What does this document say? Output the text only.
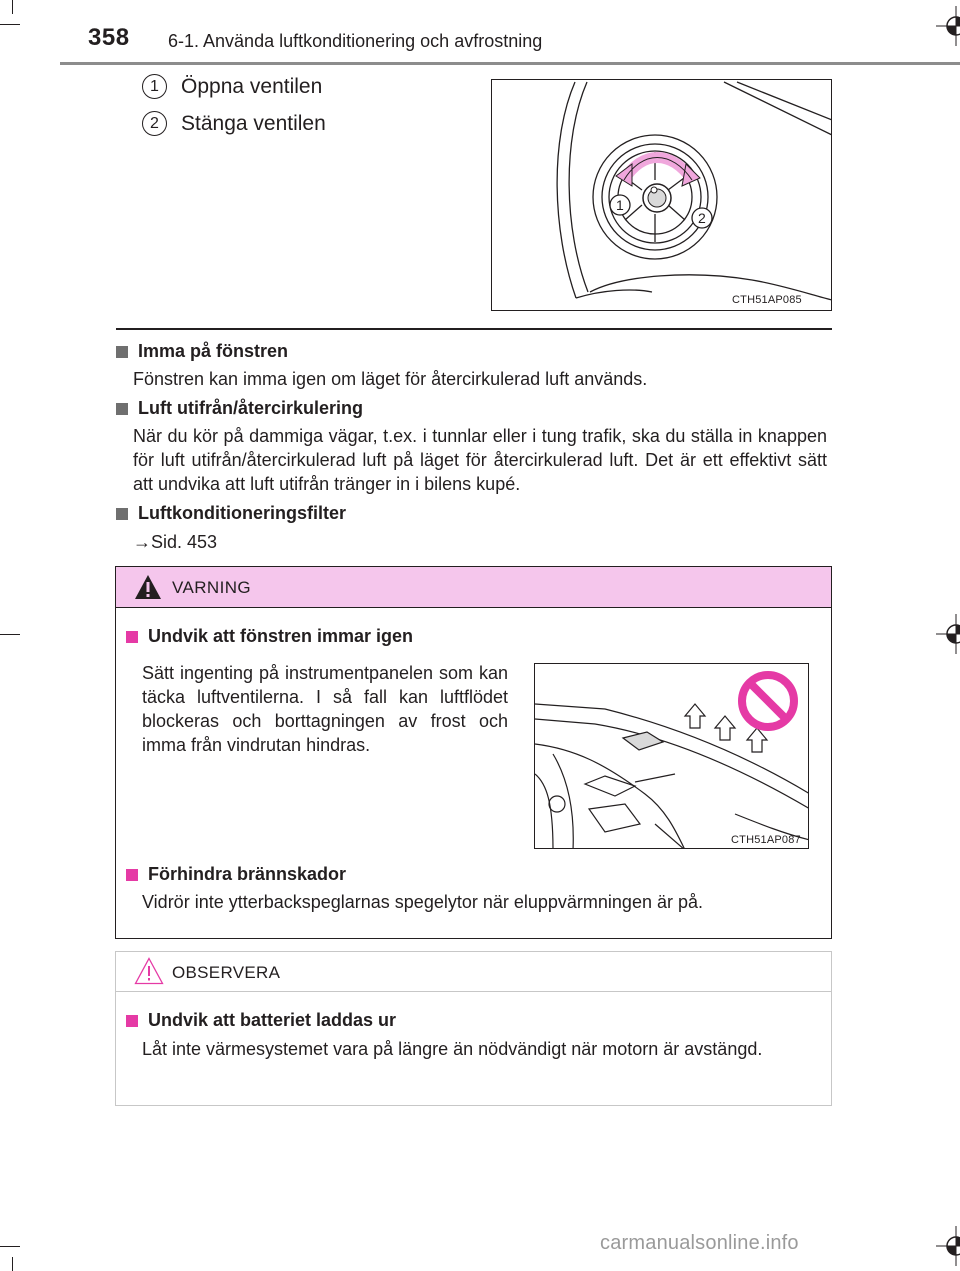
358 6-1. Använda luftkonditionering och avfrostning
1	Öppna ventilen
2	Stänga ventilen
1
2
CTH51AP085
Imma på fönstren
Fönstren kan imma igen om läget för återcirkulerad luft används.
Luft utifrån/återcirkulering
När du kör på dammiga vägar, t.ex. i tunnlar eller i tung trafik, ska du ställa in knappen för luft utifrån/återcirkulerad luft på läget för återcirkulerad luft. Det är ett effektivt sätt att undvika att luft utifrån tränger in i bilens kupé.
Luftkonditioneringsfilter
→Sid. 453
VARNING
Undvik att fönstren immar igen
Sätt ingenting på instrumentpanelen som kan täcka luftventilerna. I så fall kan luftflödet blockeras och borttagningen av frost och imma från vindrutan hindras.
CTH51AP087
Förhindra brännskador
Vidrör inte ytterbackspeglarnas spegelytor när eluppvärmningen är på.
OBSERVERA
Undvik att batteriet laddas ur
Låt inte värmesystemet vara på längre än nödvändigt när motorn är avstängd.
carmanualsonline.info
